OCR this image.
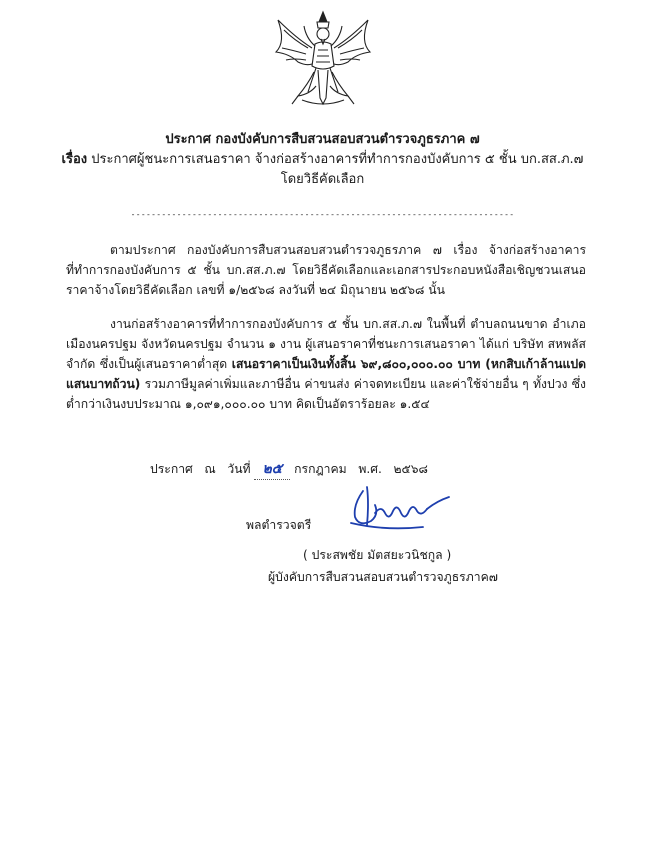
ประกาศ กองบังคับการสืบสวนสอบสวนตำรวจภูธรภาค ๗
เรื่อง ประกาศผู้ชนะการเสนอราคา จ้างก่อสร้างอาคารที่ทำการกองบังคับการ ๕ ชั้น บก.สส.ภ.๗
โดยวิธีคัดเลือก
---------------------------------------------------------------------------

ตามประกาศ กองบังคับการสืบสวนสอบสวนตำรวจภูธรภาค ๗ เรื่อง จ้างก่อสร้างอาคารที่ทำการกองบังคับการ ๕ ชั้น บก.สส.ภ.๗ โดยวิธีคัดเลือกและเอกสารประกอบหนังสือเชิญชวนเสนอราคาจ้างโดยวิธีคัดเลือก เลขที่ ๑/๒๕๖๘ ลงวันที่ ๒๔ มิถุนายน ๒๕๖๘ นั้น

งานก่อสร้างอาคารที่ทำการกองบังคับการ ๕ ชั้น บก.สส.ภ.๗ ในพื้นที่ ตำบลถนนขาด อำเภอเมืองนครปฐม จังหวัดนครปฐม จำนวน ๑ งาน ผู้เสนอราคาที่ชนะการเสนอราคา ได้แก่ บริษัท สหพลัส จำกัด ซึ่งเป็นผู้เสนอราคาต่ำสุด เสนอราคาเป็นเงินทั้งสิ้น ๖๙,๘๐๐,๐๐๐.๐๐ บาท (หกสิบเก้าล้านแปดแสนบาทถ้วน) รวมภาษีมูลค่าเพิ่มและภาษีอื่น ค่าขนส่ง ค่าจดทะเบียน และค่าใช้จ่ายอื่น ๆ ทั้งปวง ซึ่งต่ำกว่าเงินงบประมาณ ๑,๐๙๑,๐๐๐.๐๐ บาท คิดเป็นอัตราร้อยละ ๑.๕๔

ประกาศ ณ วันที่ ๒๕ กรกฎาคม พ.ศ. ๒๕๖๘
พลตำรวจตรี
( ประสพชัย มัตสยะวนิชกูล )
ผู้บังคับการสืบสวนสอบสวนตำรวจภูธรภาค๗
